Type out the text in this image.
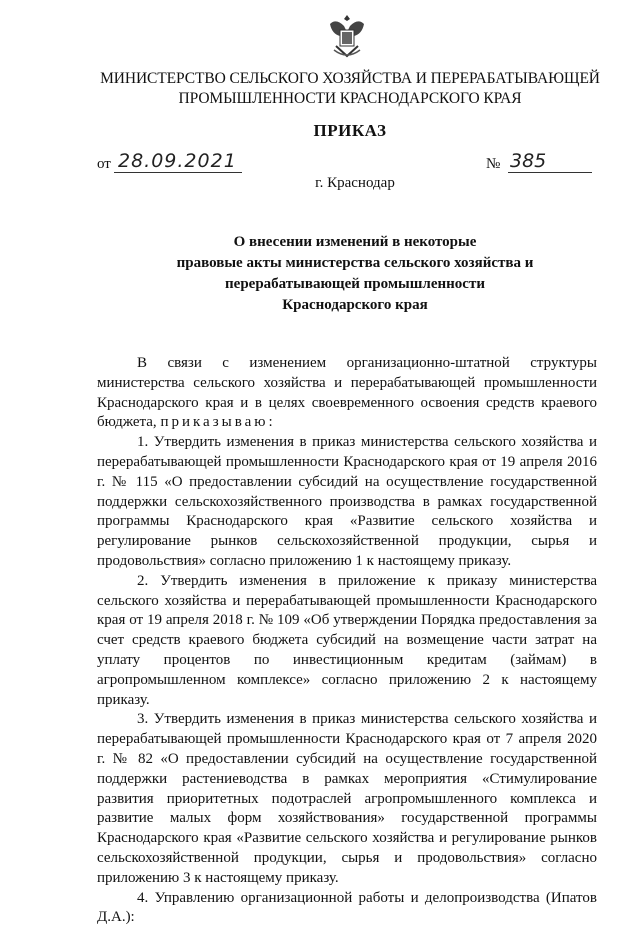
МИНИСТЕРСТВО СЕЛЬСКОГО ХОЗЯЙСТВА И ПЕРЕРАБАТЫВАЮЩЕЙ
ПРОМЫШЛЕННОСТИ КРАСНОДАРСКОГО КРАЯ
ПРИКАЗ
от 28.09.2021	№ 385
г. Краснодар
О внесении изменений в некоторые
правовые акты министерства сельского хозяйства и
перерабатывающей промышленности
Краснодарского края

В связи с изменением организационно-штатной структуры министерства сельского хозяйства и перерабатывающей промышленности Краснодарского края и в целях своевременного освоения средств краевого бюджета, приказываю:

1. Утвердить изменения в приказ министерства сельского хозяйства и перерабатывающей промышленности Краснодарского края от 19 апреля 2016 г. № 115 «О предоставлении субсидий на осуществление государственной поддержки сельскохозяйственного производства в рамках государственной программы Краснодарского края «Развитие сельского хозяйства и регулирование рынков сельскохозяйственной продукции, сырья и продовольствия» согласно приложению 1 к настоящему приказу.

2. Утвердить изменения в приложение к приказу министерства сельского хозяйства и перерабатывающей промышленности Краснодарского края от 19 апреля 2018 г. № 109 «Об утверждении Порядка предоставления за счет средств краевого бюджета субсидий на возмещение части затрат на уплату процентов по инвестиционным кредитам (займам) в агропромышленном комплексе» согласно приложению 2 к настоящему приказу.

3. Утвердить изменения в приказ министерства сельского хозяйства и перерабатывающей промышленности Краснодарского края от 7 апреля 2020 г. № 82 «О предоставлении субсидий на осуществление государственной поддержки растениеводства в рамках мероприятия «Стимулирование развития приоритетных подотраслей агропромышленного комплекса и развитие малых форм хозяйствования» государственной программы Краснодарского края «Развитие сельского хозяйства и регулирование рынков сельскохозяйственной продукции, сырья и продовольствия» согласно приложению 3 к настоящему приказу.

4. Управлению организационной работы и делопроизводства (Ипатов Д.А.):
